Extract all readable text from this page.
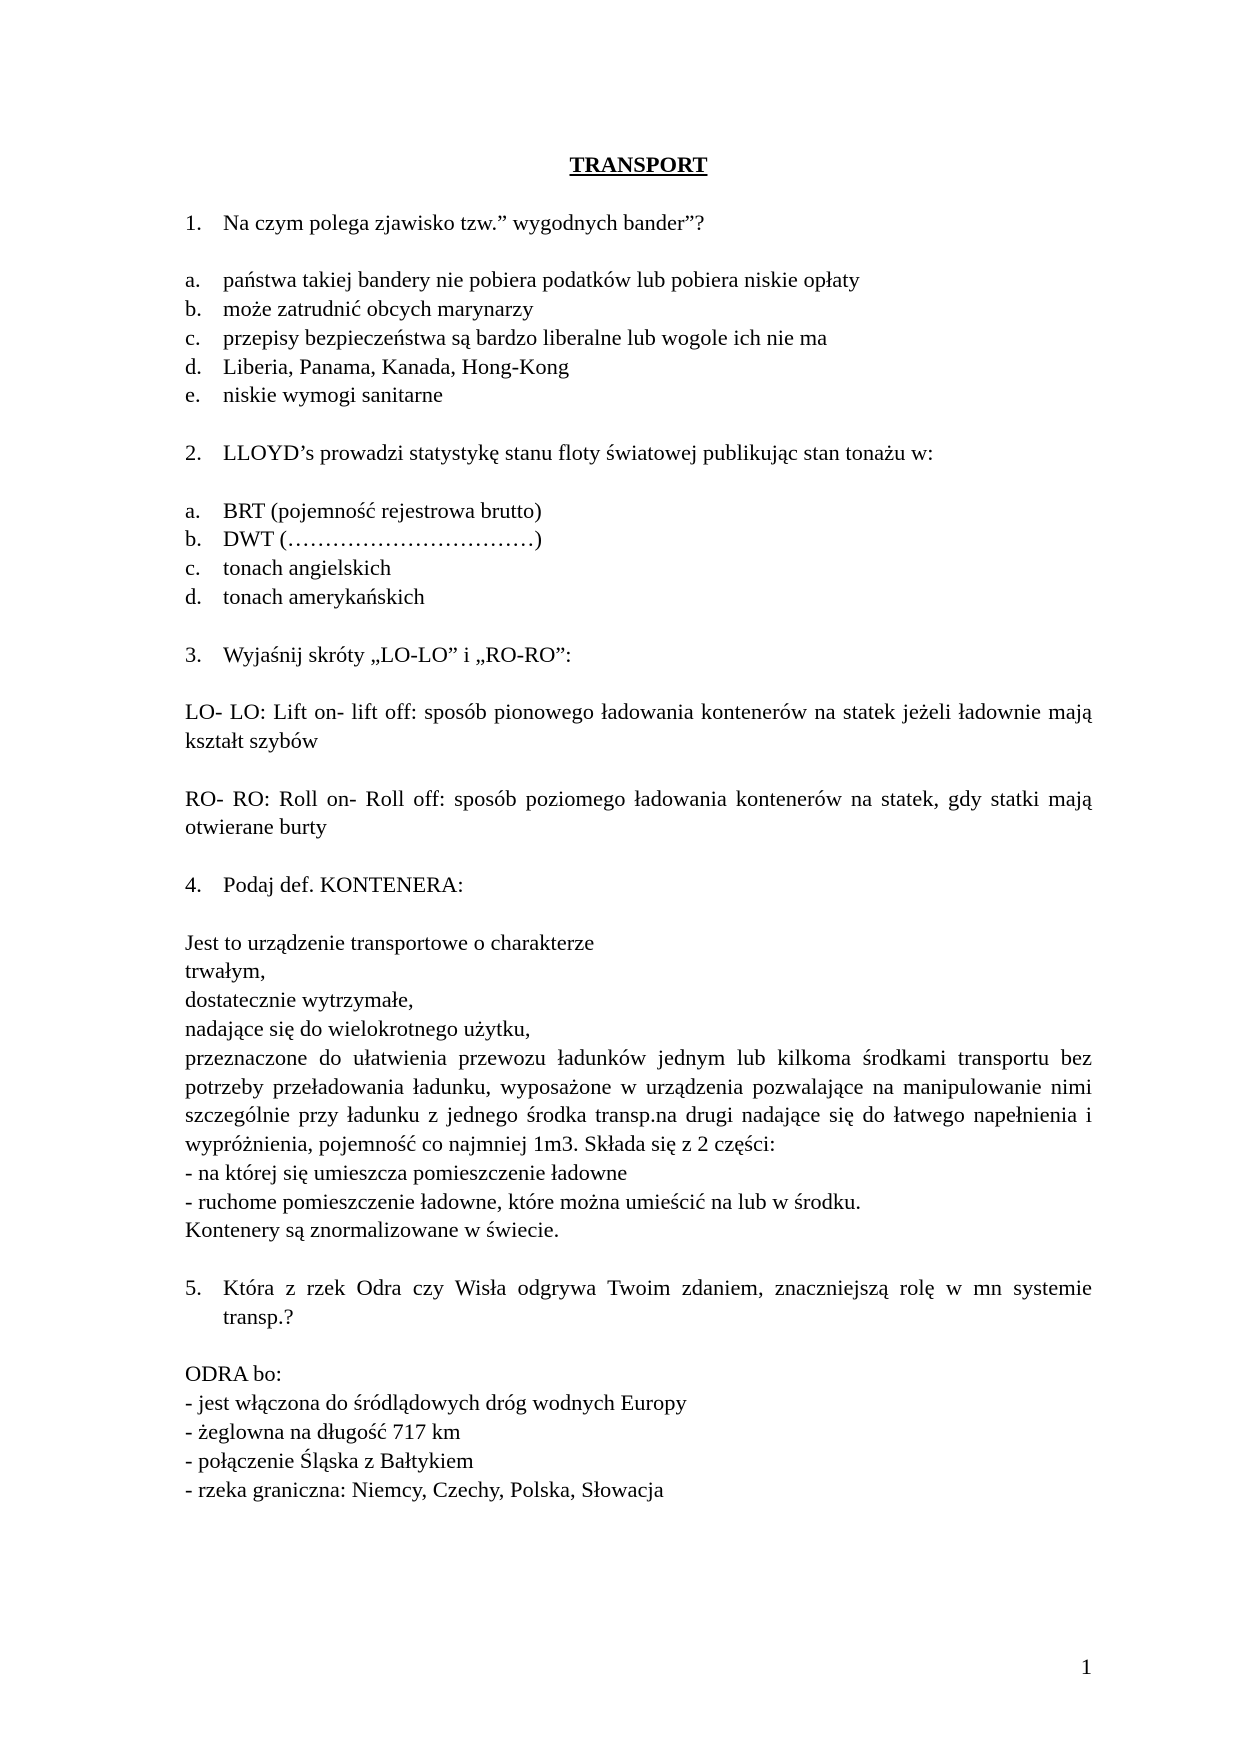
TRANSPORT
1. Na czym polega zjawisko tzw.” wygodnych bander”?
a. państwa takiej bandery nie pobiera podatków lub pobiera niskie opłaty
b. może zatrudnić obcych marynarzy
c. przepisy bezpieczeństwa są bardzo liberalne lub wogole ich nie ma
d. Liberia, Panama, Kanada, Hong-Kong
e. niskie wymogi sanitarne
2. LLOYD’s prowadzi statystykę stanu floty światowej publikując stan tonażu w:
a. BRT (pojemność rejestrowa brutto)
b. DWT (……………………………)
c. tonach angielskich
d. tonach amerykańskich
3. Wyjaśnij skróty „LO-LO” i „RO-RO”:

LO- LO: Lift on- lift off: sposób pionowego ładowania kontenerów na statek jeżeli ładownie mają kształt szybów

RO- RO: Roll on- Roll off: sposób poziomego ładowania kontenerów na statek, gdy statki mają otwierane burty

4. Podaj def. KONTENERA:
Jest to urządzenie transportowe o charakterze
trwałym,
dostatecznie wytrzymałe,
nadające się do wielokrotnego użytku,
przeznaczone do ułatwienia przewozu ładunków jednym lub kilkoma środkami transportu bez potrzeby przeładowania ładunku, wyposażone w urządzenia pozwalające na manipulowanie nimi szczególnie przy ładunku z jednego środka transp.na drugi nadające się do łatwego napełnienia i wypróżnienia, pojemność co najmniej 1m3. Składa się z 2 części:
- na której się umieszcza pomieszczenie ładowne
- ruchome pomieszczenie ładowne, które można umieścić na lub w środku.
Kontenery są znormalizowane w świecie.
5. Która z rzek Odra czy Wisła odgrywa Twoim zdaniem, znaczniejszą rolę w mn systemie transp.?
ODRA bo:
- jest włączona do śródlądowych dróg wodnych Europy
- żeglowna na długość 717 km
- połączenie Śląska z Bałtykiem
- rzeka graniczna: Niemcy, Czechy, Polska, Słowacja
1
